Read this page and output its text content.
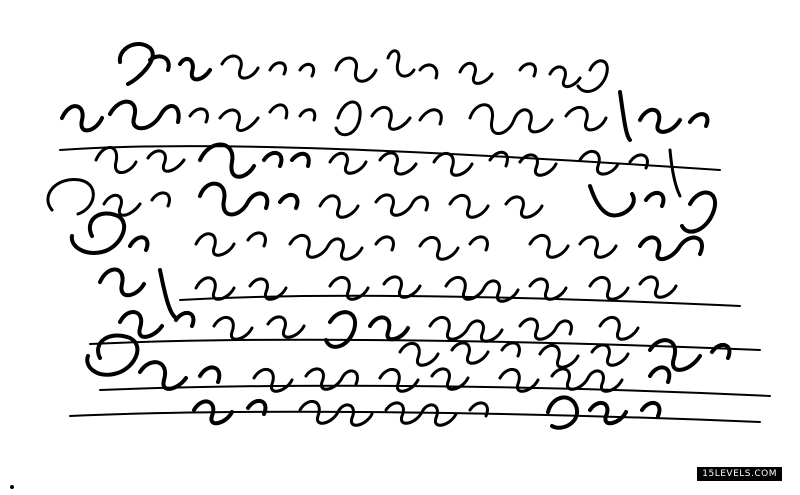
15LEVELS.COM
